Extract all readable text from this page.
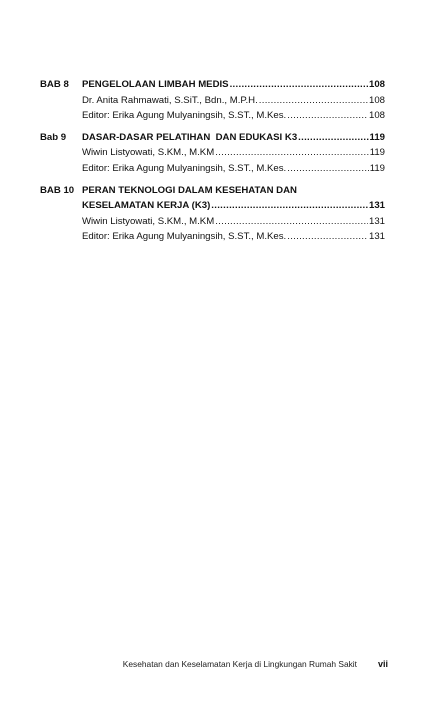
BAB 8	PENGELOLAAN LIMBAH MEDIS .....	108
Dr. Anita Rahmawati, S.SiT., Bdn., M.P.H. .....	108
Editor: Erika Agung Mulyaningsih, S.ST., M.Kes. .....	108
Bab 9	DASAR-DASAR PELATIHAN  DAN EDUKASI K3 .....	119
Wiwin Listyowati, S.KM., M.KM .....	119
Editor: Erika Agung Mulyaningsih, S.ST., M.Kes. .....	119
BAB 10 PERAN TEKNOLOGI DALAM KESEHATAN DAN
KESELAMATAN KERJA (K3) .....	131
Wiwin Listyowati, S.KM., M.KM .....	131
Editor: Erika Agung Mulyaningsih, S.ST., M.Kes. .....	131
Kesehatan dan Keselamatan Kerja di Lingkungan Rumah Sakit vii
